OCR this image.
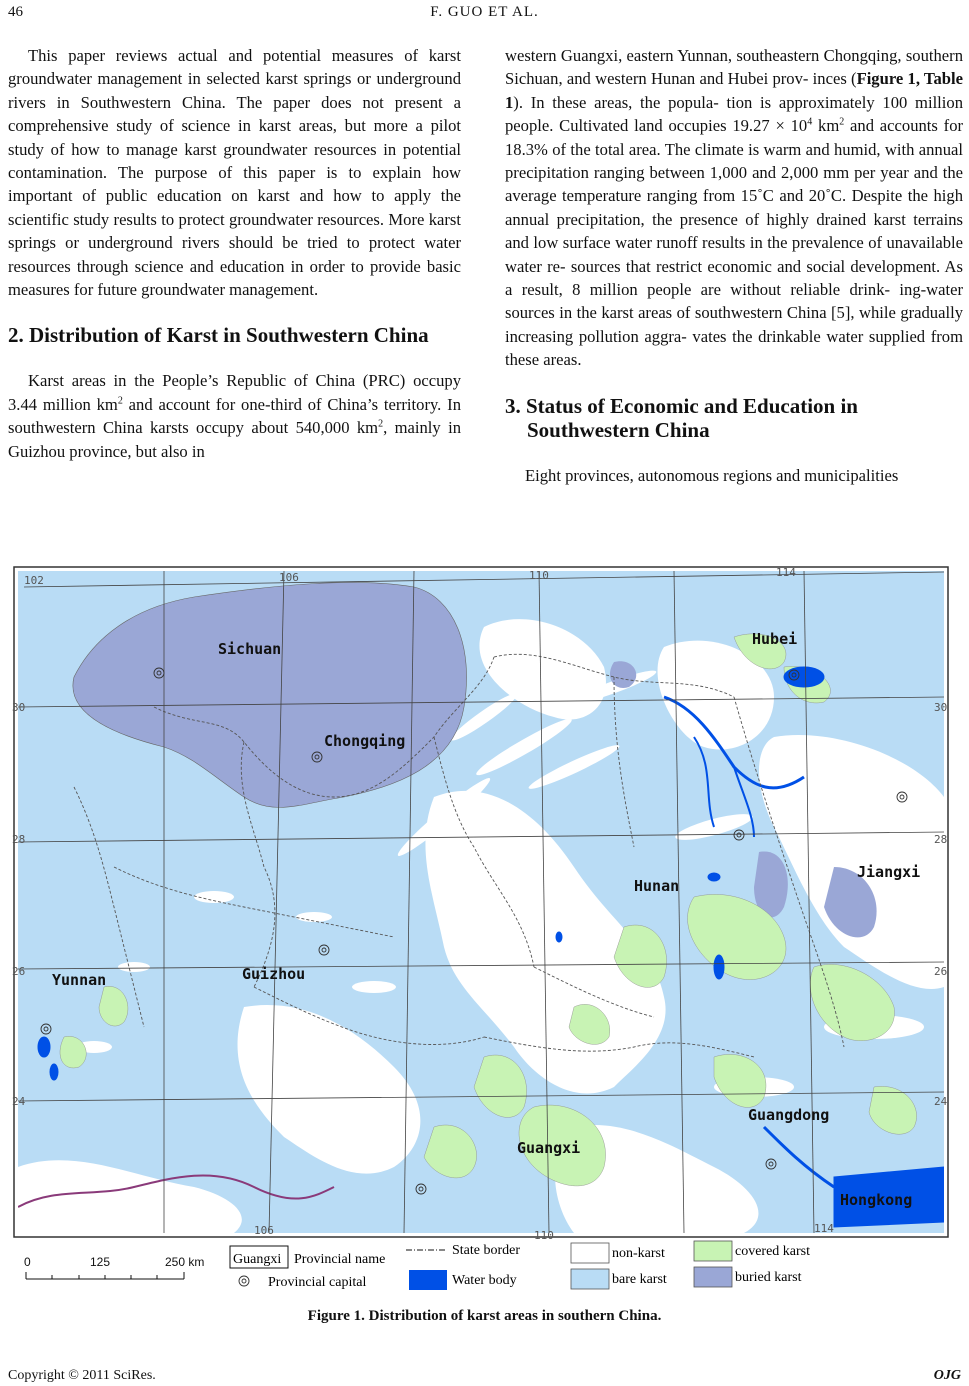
46	F. GUO ET AL.

This paper reviews actual and potential measures of karst groundwater management in selected karst springs or underground rivers in Southwestern China. The paper does not present a comprehensive study of science in karst areas, but more a pilot study of how to manage karst groundwater resources in potential contamination. The purpose of this paper is to explain how important of public education on karst and how to apply the scientific study results to protect groundwater resources. More karst springs or underground rivers should be tried to protect water resources through science and education in order to provide basic measures for future groundwater management.

2. Distribution of Karst in Southwestern China

Karst areas in the People’s Republic of China (PRC) occupy 3.44 million $km^2$ and account for one-third of China’s territory. In southwestern China karsts occupy about 540,000 $km^2$, mainly in Guizhou province, but also in

western Guangxi, eastern Yunnan, southeastern Chongqing, southern Sichuan, and western Hunan and Hubei prov- inces (Figure 1, Table 1). In these areas, the popula- tion is approximately 100 million people. Cultivated land occupies $19.27 \times 10^4$ $km^2$ and accounts for 18.3% of the total area. The climate is warm and humid, with annual precipitation ranging between 1,000 and 2,000 mm per year and the average temperature ranging from 15˚C and 20˚C. Despite the high annual precipitation, the presence of highly drained karst terrains and low surface water runoff results in the prevalence of unavailable water re- sources that restrict economic and social development. As a result, 8 million people are without reliable drink- ing-water sources in the karst areas of southwestern China [5], while gradually increasing pollution aggra- vates the drinkable water supplied from these areas.

3. Status of Economic and Education in Southwestern China

Eight provinces, autonomous regions and municipalities

102	106	110	114
106	110
114
30
28
26
24
30
28
26
24
Sichuan
Chongqing
Hubei
Hunan
Jiangxi
Yunnan	Guizhou
Guangxi
Guangdong
Hongkong
0	125	250 km Guangxi Provincial name
Provincial capital
State border
Water body
non-karst
bare karst
covered karst
buried karst
Figure 1. Distribution of karst areas in southern China.
Copyright © 2011 SciRes.	OJG
